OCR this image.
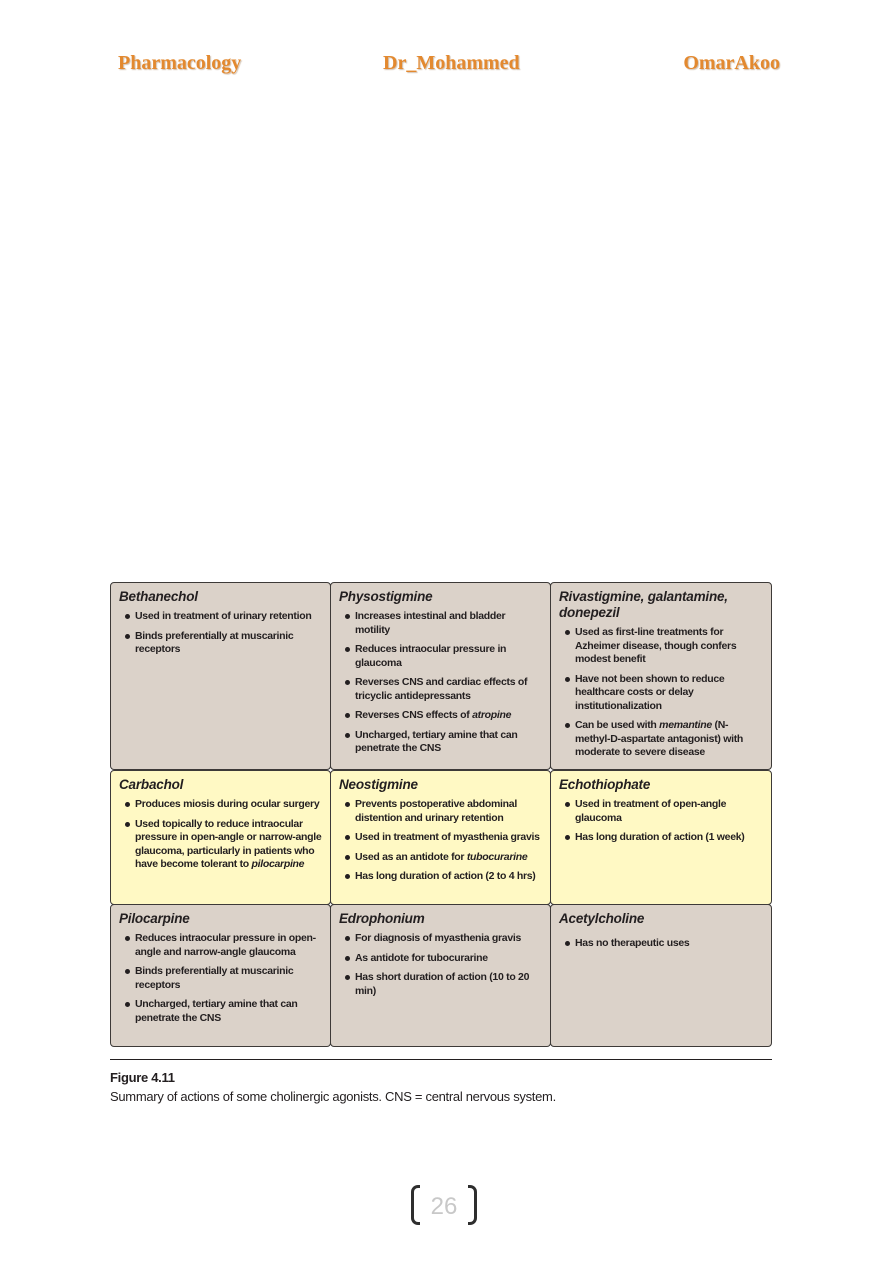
Pharmacology	Dr_Mohammed	OmarAkoo
Bethanechol
Used in treatment of urinary retention
Binds preferentially at muscarinic receptors
Physostigmine
Increases intestinal and bladder motility
Reduces intraocular pressure in glaucoma
Reverses CNS and cardiac effects of tricyclic antidepressants
Reverses CNS effects of atropine
Uncharged, tertiary amine that can penetrate the CNS
Rivastigmine, galantamine, donepezil
Used as first-line treatments for Azheimer disease, though confers modest benefit
Have not been shown to reduce healthcare costs or delay institutionalization
Can be used with memantine (N-methyl-D-aspartate antagonist) with moderate to severe disease
Carbachol
Produces miosis during ocular surgery
Used topically to reduce intraocular pressure in open-angle or narrow-angle glaucoma, particularly in patients who have become tolerant to pilocarpine
Neostigmine
Prevents postoperative abdominal distention and urinary retention
Used in treatment of myasthenia gravis
Used as an antidote for tubocurarine
Has long duration of action (2 to 4 hrs)
Echothiophate
Used in treatment of open-angle glaucoma
Has long duration of action (1 week)
Pilocarpine
Reduces intraocular pressure in open-angle and narrow-angle glaucoma
Binds preferentially at muscarinic receptors
Uncharged, tertiary amine that can penetrate the CNS
Edrophonium
For diagnosis of myasthenia gravis
As antidote for tubocurarine
Has short duration of action (10 to 20 min)
Acetylcholine
Has no therapeutic uses
Figure 4.11
Summary of actions of some cholinergic agonists. CNS = central nervous system.
26
